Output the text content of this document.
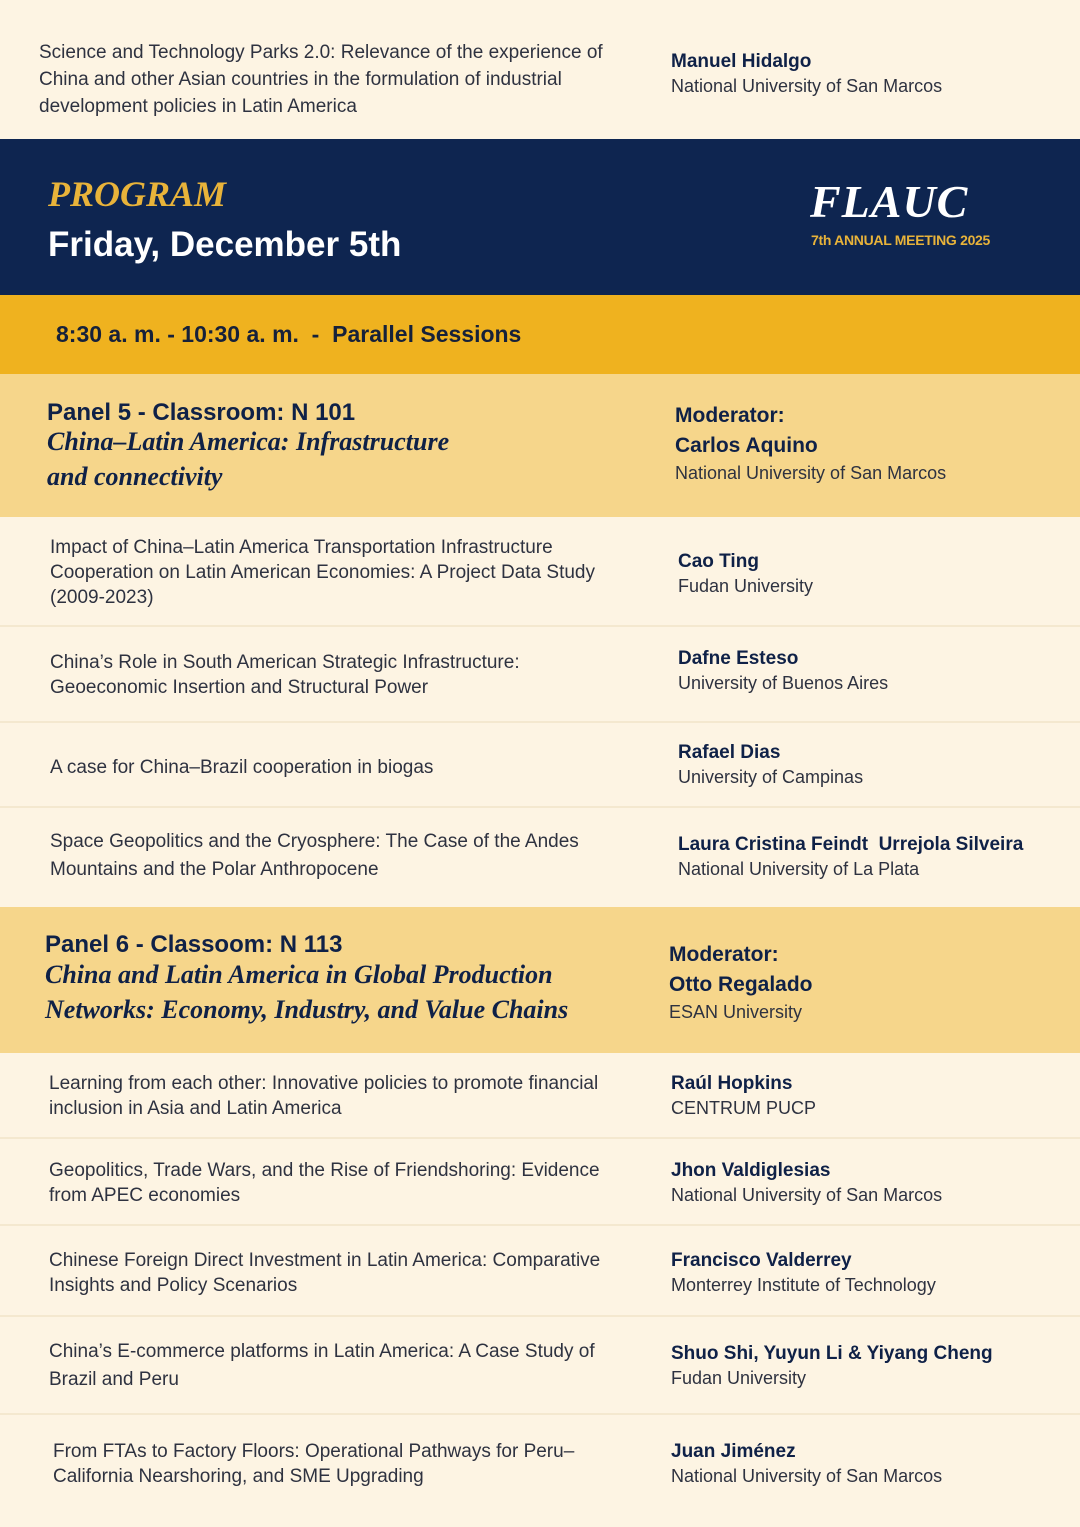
Science and Technology Parks 2.0: Relevance of the experience of China and other Asian countries in the formulation of industrial development policies in Latin America
Manuel Hidalgo
National University of San Marcos
PROGRAM
Friday, December 5th
FLAUC
7th ANNUAL MEETING 2025
8:30 a. m. - 10:30 a. m.  -  Parallel Sessions
Panel 5 - Classroom: N 101
China–Latin America: Infrastructure
and connectivity
Moderator:
Carlos Aquino
National University of San Marcos
Impact of China–Latin America Transportation Infrastructure Cooperation on Latin American Economies: A Project Data Study (2009-2023)
Cao Ting
Fudan University
China’s Role in South American Strategic Infrastructure: Geoeconomic Insertion and Structural Power
Dafne Esteso
University of Buenos Aires
A case for China–Brazil cooperation in biogas
Rafael Dias
University of Campinas
Space Geopolitics and the Cryosphere: The Case of the Andes Mountains and the Polar Anthropocene
Laura Cristina Feindt  Urrejola Silveira
National University of La Plata
Panel 6 - Classoom: N 113
China and Latin America in Global Production
Networks: Economy, Industry, and Value Chains
Moderator:
Otto Regalado
ESAN University
Learning from each other: Innovative policies to promote financial inclusion in Asia and Latin America
Raúl Hopkins
CENTRUM PUCP
Geopolitics, Trade Wars, and the Rise of Friendshoring: Evidence from APEC economies
Jhon Valdiglesias
National University of San Marcos
Chinese Foreign Direct Investment in Latin America: Comparative Insights and Policy Scenarios
Francisco Valderrey
Monterrey Institute of Technology
China’s E-commerce platforms in Latin America: A Case Study of Brazil and Peru
Shuo Shi, Yuyun Li & Yiyang Cheng
Fudan University
From FTAs to Factory Floors: Operational Pathways for Peru–California Nearshoring, and SME Upgrading
Juan Jiménez
National University of San Marcos
